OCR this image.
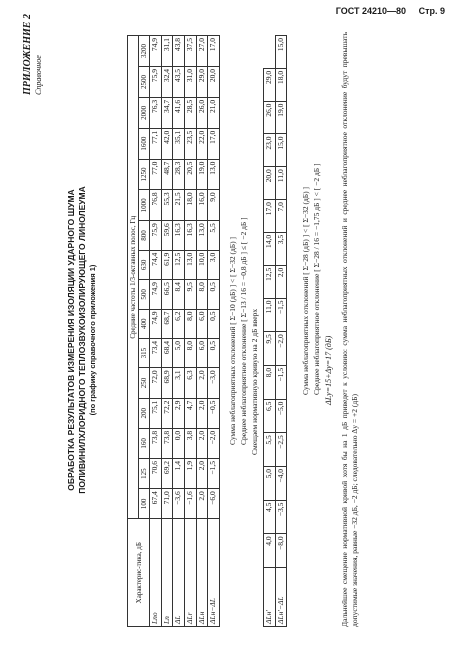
ГОСТ 24210—80 Стр. 9
ПРИЛОЖЕНИЕ 2 Справочное
ОБРАБОТКА РЕЗУЛЬТАТОВ ИЗМЕРЕНИЯ ИЗОЛЯЦИИ УДАРНОГО ШУМА ПОЛИВИНИЛХЛОРИДНОГО ТЕПЛОЗВУКОИЗОЛИРУЮЩЕГО ЛИНОЛЕУМА (по графику справочного приложения 1)
Характерис-тика, дБ	Средние частоты 1/3-октавных полос, Гц															
	100	125	160	200	250	315	400	500	630	800	1000	1250	1600	2000	2500	3200
Lпо	67,4	70,6	73,8	75,1	72,0	73,4	74,9	74,9	74,4	75,9	76,8	77,0	77,1	76,3	75,9	74,9
Lп	71,0	69,2	73,8	72,2	68,9	68,4	68,7	66,5	61,9	59,6	55,3	48,7	42,0	34,7	32,4	31,1
ΔL	−3,6	1,4	0,0	2,9	3,1	5,0	6,2	8,4	12,5	16,3	21,5	28,3	35,1	41,6	43,5	43,8
ΔLr	−1,6	1,9	3,8	4,7	6,3	8,0	8,0	9,5	13,0	16,3	18,0	20,5	23,5	28,5	31,0	37,5
ΔLн	2,0	2,0	2,0	2,0	2,0	6,0	6,0	8,0	10,0	13,0	16,0	19,0	22,0	26,0	29,0	27,0
ΔLн−ΔL	−6,0	−1,5	−2,0	−0,5	−3,0	0,5	0,5	0,5	3,0	5,5	9,0	13,0	17,0	21,0	20,0	17,0
Сумма неблагоприятных отклонений [ Σ−10 (дБ) ] < [ Σ−32 (дБ) ] Среднее неблагоприятное отклонение [ Σ−13 / 16 = −0,8 дБ ] ≤ [ −2 дБ ] Смещаем нормативную кривую на 2 дБ вверх
ΔLн′	4,0	4,5	5,0	5,5	6,5	8,0	9,5	11,0	12,5	14,0	17,0	20,0	23,0	26,0	29,0	
ΔLн′−ΔL	−8,0	−3,5	−4,0	−2,5	−5,0	−1,5	−2,0	−1,5	2,0	3,5	7,0	11,0	15,0	19,0	18,0	15,0
Сумма неблагоприятных отклонений [ Σ−28 (дБ) ] < [ Σ−32 (дБ) ] Среднее неблагоприятное отклонение [ Σ−28 / 16 = −1,75 дБ ] < [ −2 дБ ] ΔLу=15+Δу=17 (дБ) Дальнейшее смещение нормативной кривой хотя бы на 1 дБ приведет к условию: сумма неблагоприятных отклонений и среднее неблагоприятное отклонение будут превышать допустимые значения, равные −32 дБ, −2 дБ; следовательно Δу = +2 (дБ)
